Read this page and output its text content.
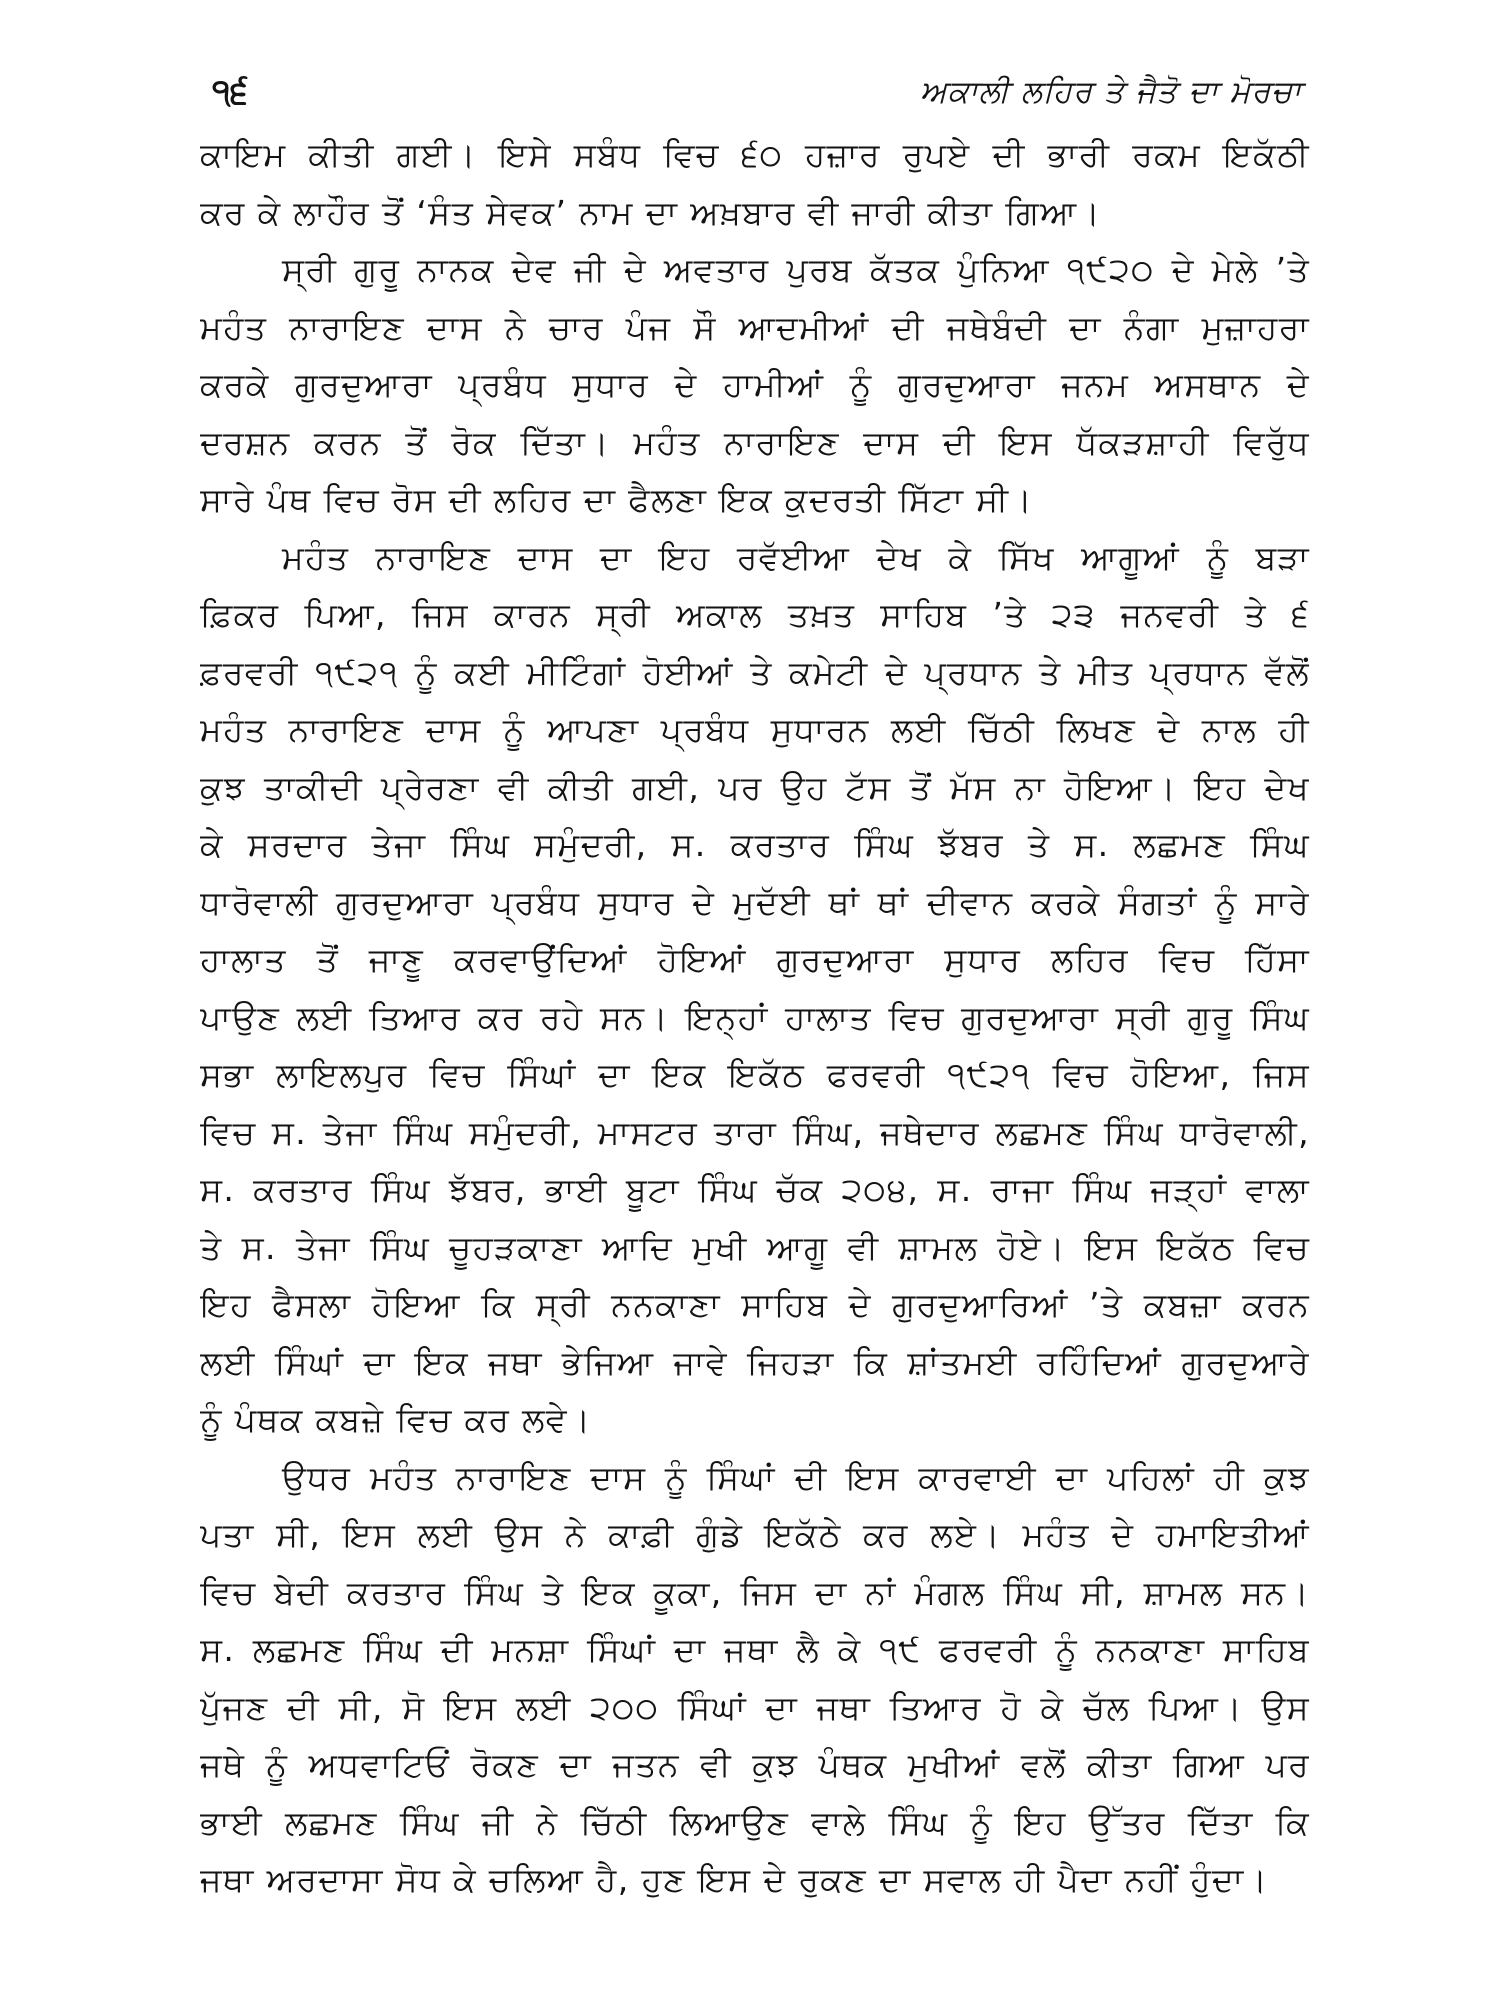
੧੬	ਅਕਾਲੀ ਲਹਿਰ ਤੇ ਜੈਤੋ ਦਾ ਮੋਰਚਾ
ਕਾਇਮ ਕੀਤੀ ਗਈ। ਇਸੇ ਸਬੰਧ ਵਿਚ ੬੦ ਹਜ਼ਾਰ ਰੁਪਏ ਦੀ ਭਾਰੀ ਰਕਮ ਇਕੱਠੀ
ਕਰ ਕੇ ਲਾਹੌਰ ਤੋਂ ‘ਸੰਤ ਸੇਵਕ’ ਨਾਮ ਦਾ ਅਖ਼ਬਾਰ ਵੀ ਜਾਰੀ ਕੀਤਾ ਗਿਆ।
ਸ੍ਰੀ ਗੁਰੂ ਨਾਨਕ ਦੇਵ ਜੀ ਦੇ ਅਵਤਾਰ ਪੁਰਬ ਕੱਤਕ ਪੁੰਨਿਆ ੧੯੨੦ ਦੇ ਮੇਲੇ ’ਤੇ
ਮਹੰਤ ਨਾਰਾਇਣ ਦਾਸ ਨੇ ਚਾਰ ਪੰਜ ਸੌ ਆਦਮੀਆਂ ਦੀ ਜਥੇਬੰਦੀ ਦਾ ਨੰਗਾ ਮੁਜ਼ਾਹਰਾ
ਕਰਕੇ ਗੁਰਦੁਆਰਾ ਪ੍ਰਬੰਧ ਸੁਧਾਰ ਦੇ ਹਾਮੀਆਂ ਨੂੰ ਗੁਰਦੁਆਰਾ ਜਨਮ ਅਸਥਾਨ ਦੇ
ਦਰਸ਼ਨ ਕਰਨ ਤੋਂ ਰੋਕ ਦਿੱਤਾ। ਮਹੰਤ ਨਾਰਾਇਣ ਦਾਸ ਦੀ ਇਸ ਧੱਕੜਸ਼ਾਹੀ ਵਿਰੁੱਧ
ਸਾਰੇ ਪੰਥ ਵਿਚ ਰੋਸ ਦੀ ਲਹਿਰ ਦਾ ਫੈਲਣਾ ਇਕ ਕੁਦਰਤੀ ਸਿੱਟਾ ਸੀ।
ਮਹੰਤ ਨਾਰਾਇਣ ਦਾਸ ਦਾ ਇਹ ਰਵੱਈਆ ਦੇਖ ਕੇ ਸਿੱਖ ਆਗੂਆਂ ਨੂੰ ਬੜਾ
ਫ਼ਿਕਰ ਪਿਆ, ਜਿਸ ਕਾਰਨ ਸ੍ਰੀ ਅਕਾਲ ਤਖ਼ਤ ਸਾਹਿਬ ’ਤੇ ੨੩ ਜਨਵਰੀ ਤੇ ੬
ਫ਼ਰਵਰੀ ੧੯੨੧ ਨੂੰ ਕਈ ਮੀਟਿੰਗਾਂ ਹੋਈਆਂ ਤੇ ਕਮੇਟੀ ਦੇ ਪ੍ਰਧਾਨ ਤੇ ਮੀਤ ਪ੍ਰਧਾਨ ਵੱਲੋਂ
ਮਹੰਤ ਨਾਰਾਇਣ ਦਾਸ ਨੂੰ ਆਪਣਾ ਪ੍ਰਬੰਧ ਸੁਧਾਰਨ ਲਈ ਚਿੱਠੀ ਲਿਖਣ ਦੇ ਨਾਲ ਹੀ
ਕੁਝ ਤਾਕੀਦੀ ਪ੍ਰੇਰਣਾ ਵੀ ਕੀਤੀ ਗਈ, ਪਰ ਉਹ ਟੱਸ ਤੋਂ ਮੱਸ ਨਾ ਹੋਇਆ। ਇਹ ਦੇਖ
ਕੇ ਸਰਦਾਰ ਤੇਜਾ ਸਿੰਘ ਸਮੁੰਦਰੀ, ਸ. ਕਰਤਾਰ ਸਿੰਘ ਝੱਬਰ ਤੇ ਸ. ਲਛਮਣ ਸਿੰਘ
ਧਾਰੋਵਾਲੀ ਗੁਰਦੁਆਰਾ ਪ੍ਰਬੰਧ ਸੁਧਾਰ ਦੇ ਮੁਦੱਈ ਥਾਂ ਥਾਂ ਦੀਵਾਨ ਕਰਕੇ ਸੰਗਤਾਂ ਨੂੰ ਸਾਰੇ
ਹਾਲਾਤ ਤੋਂ ਜਾਣੂ ਕਰਵਾਉਂਦਿਆਂ ਹੋਇਆਂ ਗੁਰਦੁਆਰਾ ਸੁਧਾਰ ਲਹਿਰ ਵਿਚ ਹਿੱਸਾ
ਪਾਉਣ ਲਈ ਤਿਆਰ ਕਰ ਰਹੇ ਸਨ। ਇਨ੍ਹਾਂ ਹਾਲਾਤ ਵਿਚ ਗੁਰਦੁਆਰਾ ਸ੍ਰੀ ਗੁਰੂ ਸਿੰਘ
ਸਭਾ ਲਾਇਲਪੁਰ ਵਿਚ ਸਿੰਘਾਂ ਦਾ ਇਕ ਇਕੱਠ ਫਰਵਰੀ ੧੯੨੧ ਵਿਚ ਹੋਇਆ, ਜਿਸ
ਵਿਚ ਸ. ਤੇਜਾ ਸਿੰਘ ਸਮੁੰਦਰੀ, ਮਾਸਟਰ ਤਾਰਾ ਸਿੰਘ, ਜਥੇਦਾਰ ਲਛਮਣ ਸਿੰਘ ਧਾਰੋਵਾਲੀ,
ਸ. ਕਰਤਾਰ ਸਿੰਘ ਝੱਬਰ, ਭਾਈ ਬੂਟਾ ਸਿੰਘ ਚੱਕ ੨੦੪, ਸ. ਰਾਜਾ ਸਿੰਘ ਜੜ੍ਹਾਂ ਵਾਲਾ
ਤੇ ਸ. ਤੇਜਾ ਸਿੰਘ ਚੂਹੜਕਾਣਾ ਆਦਿ ਮੁਖੀ ਆਗੂ ਵੀ ਸ਼ਾਮਲ ਹੋਏ। ਇਸ ਇਕੱਠ ਵਿਚ
ਇਹ ਫੈਸਲਾ ਹੋਇਆ ਕਿ ਸ੍ਰੀ ਨਨਕਾਣਾ ਸਾਹਿਬ ਦੇ ਗੁਰਦੁਆਰਿਆਂ ’ਤੇ ਕਬਜ਼ਾ ਕਰਨ
ਲਈ ਸਿੰਘਾਂ ਦਾ ਇਕ ਜਥਾ ਭੇਜਿਆ ਜਾਵੇ ਜਿਹੜਾ ਕਿ ਸ਼ਾਂਤਮਈ ਰਹਿੰਦਿਆਂ ਗੁਰਦੁਆਰੇ
ਨੂੰ ਪੰਥਕ ਕਬਜ਼ੇ ਵਿਚ ਕਰ ਲਵੇ।
ਉਧਰ ਮਹੰਤ ਨਾਰਾਇਣ ਦਾਸ ਨੂੰ ਸਿੰਘਾਂ ਦੀ ਇਸ ਕਾਰਵਾਈ ਦਾ ਪਹਿਲਾਂ ਹੀ ਕੁਝ
ਪਤਾ ਸੀ, ਇਸ ਲਈ ਉਸ ਨੇ ਕਾਫ਼ੀ ਗੁੰਡੇ ਇਕੱਠੇ ਕਰ ਲਏ। ਮਹੰਤ ਦੇ ਹਮਾਇਤੀਆਂ
ਵਿਚ ਬੇਦੀ ਕਰਤਾਰ ਸਿੰਘ ਤੇ ਇਕ ਕੂਕਾ, ਜਿਸ ਦਾ ਨਾਂ ਮੰਗਲ ਸਿੰਘ ਸੀ, ਸ਼ਾਮਲ ਸਨ।
ਸ. ਲਛਮਣ ਸਿੰਘ ਦੀ ਮਨਸ਼ਾ ਸਿੰਘਾਂ ਦਾ ਜਥਾ ਲੈ ਕੇ ੧੯ ਫਰਵਰੀ ਨੂੰ ਨਨਕਾਣਾ ਸਾਹਿਬ
ਪੁੱਜਣ ਦੀ ਸੀ, ਸੋ ਇਸ ਲਈ ੨੦੦ ਸਿੰਘਾਂ ਦਾ ਜਥਾ ਤਿਆਰ ਹੋ ਕੇ ਚੱਲ ਪਿਆ। ਉਸ
ਜਥੇ ਨੂੰ ਅਧਵਾਟਿਓਂ ਰੋਕਣ ਦਾ ਜਤਨ ਵੀ ਕੁਝ ਪੰਥਕ ਮੁਖੀਆਂ ਵਲੋਂ ਕੀਤਾ ਗਿਆ ਪਰ
ਭਾਈ ਲਛਮਣ ਸਿੰਘ ਜੀ ਨੇ ਚਿੱਠੀ ਲਿਆਉਣ ਵਾਲੇ ਸਿੰਘ ਨੂੰ ਇਹ ਉੱਤਰ ਦਿੱਤਾ ਕਿ
ਜਥਾ ਅਰਦਾਸਾ ਸੋਧ ਕੇ ਚਲਿਆ ਹੈ, ਹੁਣ ਇਸ ਦੇ ਰੁਕਣ ਦਾ ਸਵਾਲ ਹੀ ਪੈਦਾ ਨਹੀਂ ਹੁੰਦਾ।
